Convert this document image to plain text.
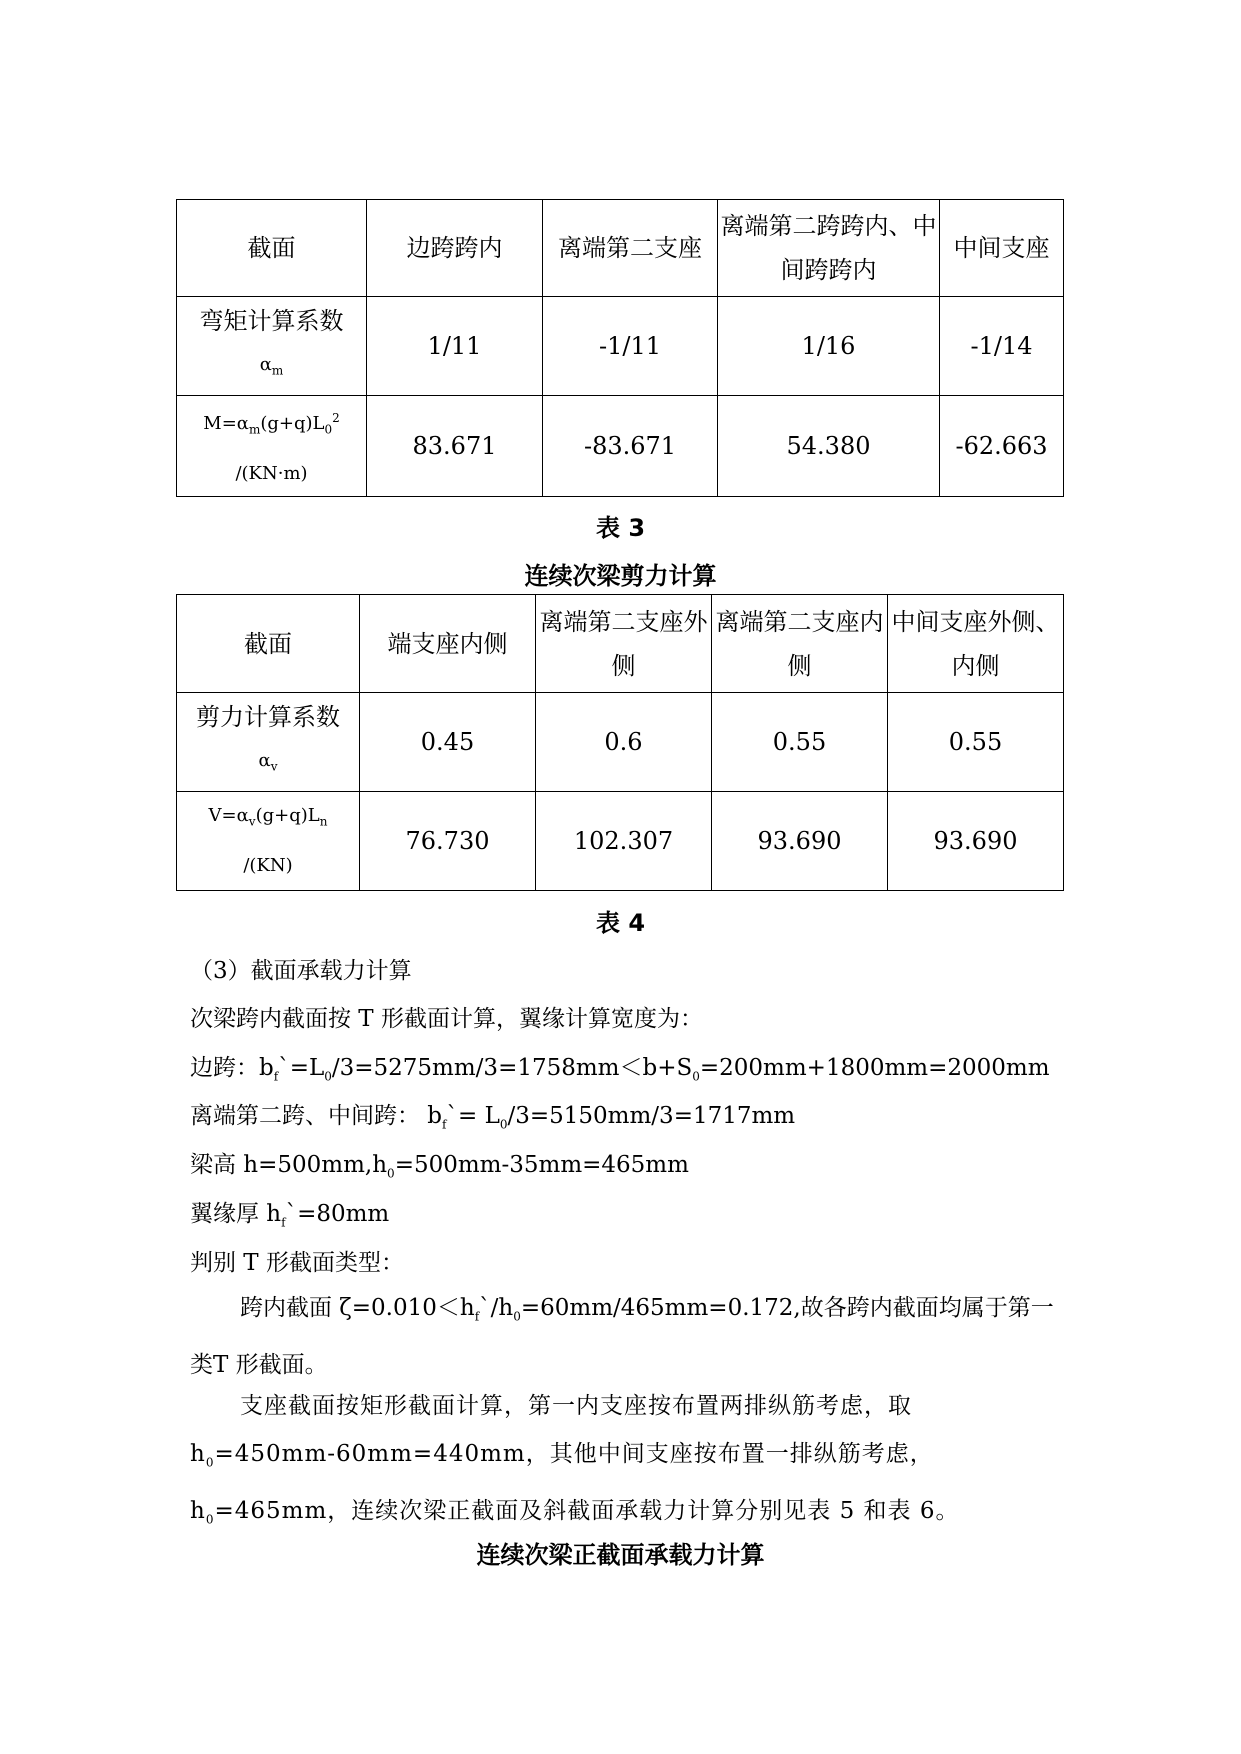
截面	边跨跨内	离端第二支座	离端第二跨跨内、中间跨跨内	中间支座

弯矩计算系数
$\alpha_m$	1/11	-1/11	1/16	-1/14

$M=\alpha_m(g+q)L_0^2$
/(KN·m)	83.671	-83.671	54.380	-62.663
表 3
连续次梁剪力计算
截面	端支座内侧	离端第二支座外侧	离端第二支座内侧	中间支座外侧、内侧

剪力计算系数
$\alpha_v$	0.45	0.6	0.55	0.55

$V=\alpha_v(g+q)L_n$
/(KN)	76.730	102.307	93.690	93.690
表 4
（3）截面承载力计算
次梁跨内截面按 T 形截面计算，翼缘计算宽度为：
边跨：$b_f`=L_0/3=5275mm/3=1758mm<b+S_0=200mm+1800mm=2000mm$
离端第二跨、中间跨： $b_f`= L_0/3=5150mm/3=1717mm$
梁高 $h=500mm,h_0=500mm-35mm=465mm$
翼缘厚 $h_f`=80mm$
判别 T 形截面类型：
跨内截面 $\zeta=0.010<h_f`/h_0=60mm/465mm=0.172$,故各跨内截面均属于第一类T 形截面。
支座截面按矩形截面计算，第一内支座按布置两排纵筋考虑，取 $h_0=450mm-60mm=440mm$，其他中间支座按布置一排纵筋考虑，$h_0=465mm$，连续次梁正截面及斜截面承载力计算分别见表 5 和表 6。
连续次梁正截面承载力计算
